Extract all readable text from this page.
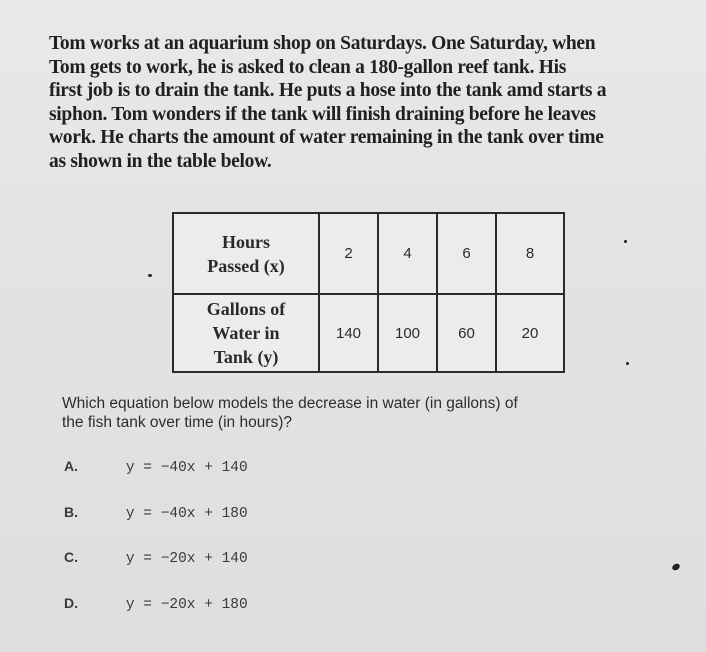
Tom works at an aquarium shop on Saturdays. One Saturday, when
Tom gets to work, he is asked to clean a 180-gallon reef tank. His
first job is to drain the tank. He puts a hose into the tank amd starts a
siphon. Tom wonders if the tank will finish draining before he leaves
work. He charts the amount of water remaining in the tank over time
as shown in the table below.
Hours
Passed (x)	2	4	6	8

Gallons of
Water in
Tank (y)	140	100	60	20
Which equation below models the decrease in water (in gallons) of
the fish tank over time (in hours)?
A.	y = −40x + 140
B.	y = −40x + 180
C.	y = −20x + 140
D.	y = −20x + 180
